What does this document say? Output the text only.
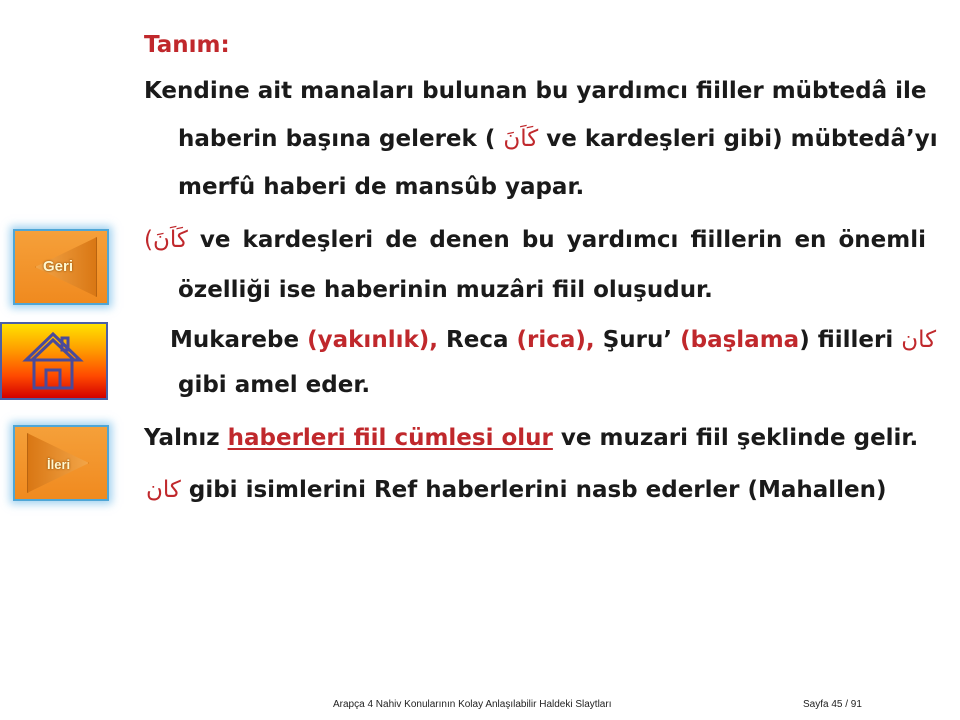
Tanım:
Kendine ait manaları bulunan bu yardımcı fiiller mübtedâ ile
haberin başına gelerek ( كَاَنَ ve kardeşleri gibi) mübtedâ’yı
merfû haberi de mansûb yapar.
(كَاَنَ ve kardeşleri de denen bu yardımcı fiillerin en önemli
özelliği ise haberinin muzâri fiil oluşudur.
Mukarebe (yakınlık), Reca (rica), Şuru’ (başlama) fiilleri كان
gibi amel eder.
Yalnız haberleri fiil cümlesi olur ve muzari fiil şeklinde gelir.
كان gibi isimlerini Ref haberlerini nasb ederler (Mahallen)
Geri
İleri
Arapça 4 Nahiv Konularının Kolay Anlaşılabilir Haldeki Slaytları	Sayfa 45 / 91
